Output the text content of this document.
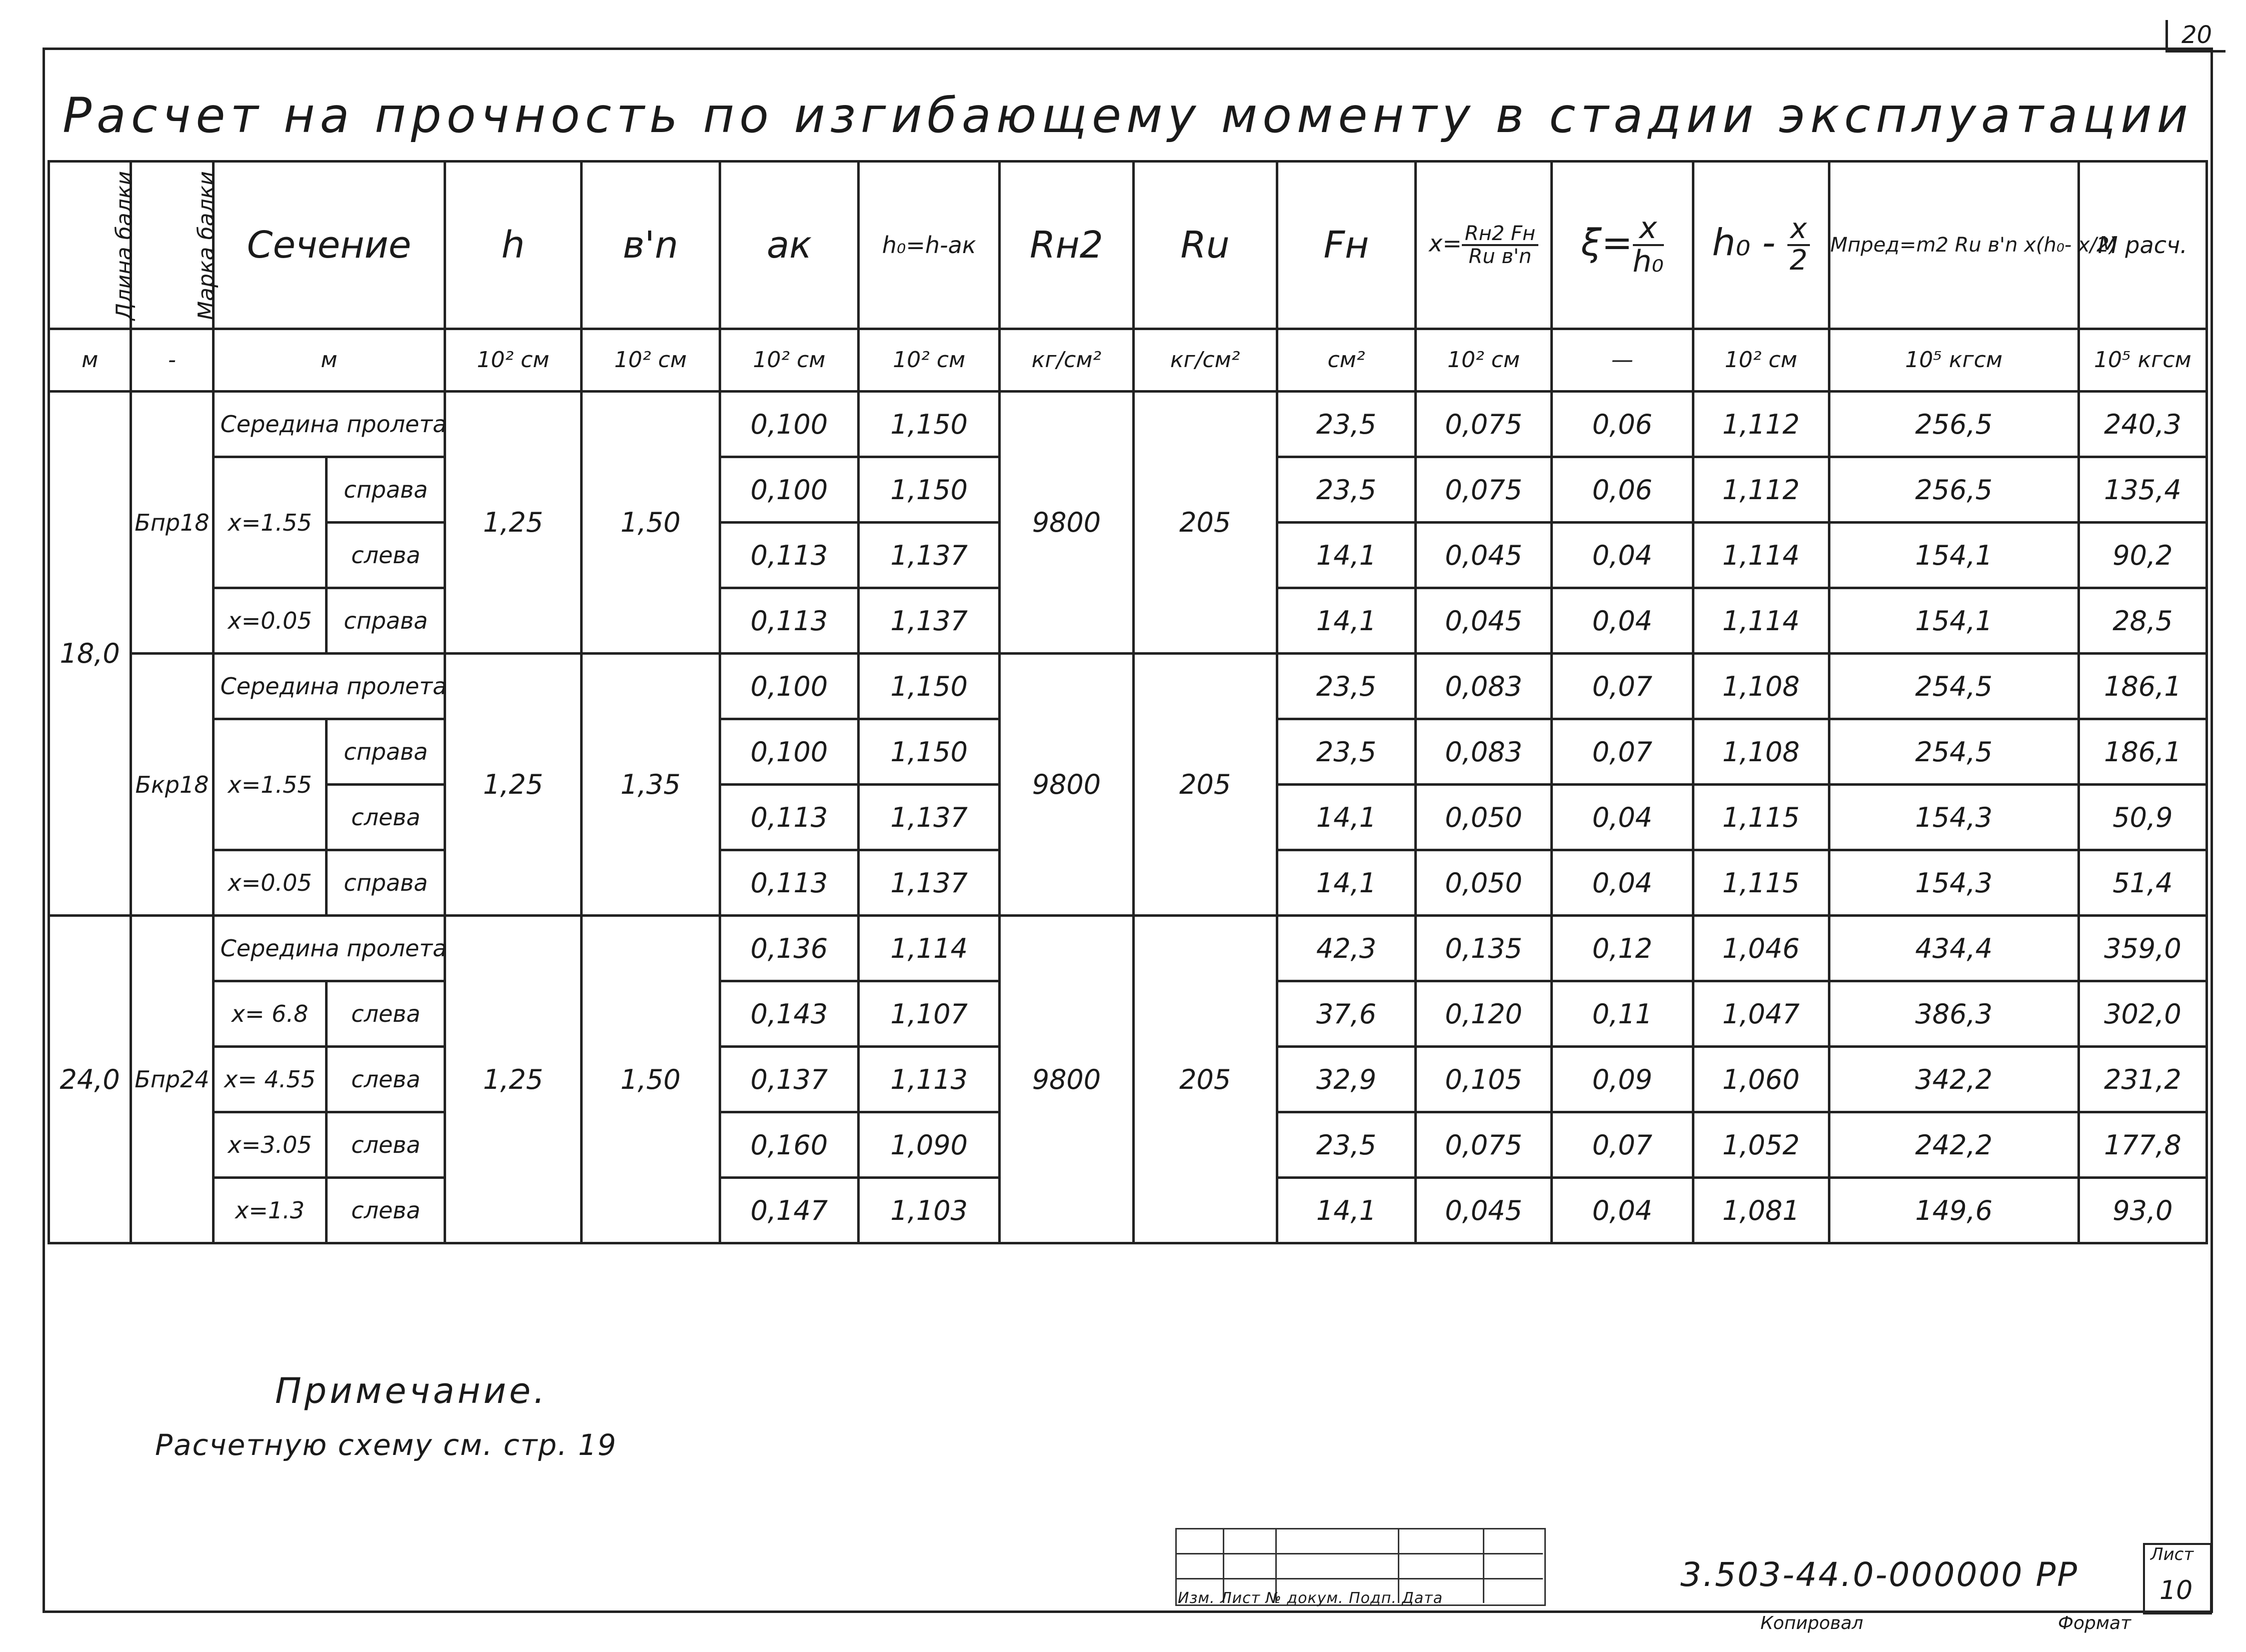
20
Расчет на прочность по изгибающему моменту в стадии эксплуатации
Длина балки	Марка балки	Сечение		h	в'n	aк	h₀=h-aк	Rн2	Ru	Fн	$x= \frac{Rн2 Fн}{\text{Ru в'n}}$	$\xi= \frac{x}{\text{h₀}}$	$h_0 - \frac{x}{2}$	Mпред=m2 Ru в'n x(h₀- x/2)	M расч.
м	-	м		10² см	10² см	10² см	10² см	кг/см²	кг/см²	см²	10² см	—	10² см	10⁵ кгсм	10⁵ кгсм
18,0	Бпр18	Середина пролета		1,25	1,50	0,100	1,150	9800	205	23,5	0,075	0,06	1,112	256,5	240,3
		x=1.55	справа			0,100	1,150			23,5	0,075	0,06	1,112	256,5	135,4
			слева			0,113	1,137			14,1	0,045	0,04	1,114	154,1	90,2
		x=0.05	справа			0,113	1,137			14,1	0,045	0,04	1,114	154,1	28,5
	Бкр18	Середина пролета		1,25	1,35	0,100	1,150	9800	205	23,5	0,083	0,07	1,108	254,5	186,1
		x=1.55	справа			0,100	1,150			23,5	0,083	0,07	1,108	254,5	186,1
			слева			0,113	1,137			14,1	0,050	0,04	1,115	154,3	50,9
		x=0.05	справа			0,113	1,137			14,1	0,050	0,04	1,115	154,3	51,4
24,0	Бпр24	Середина пролета		1,25	1,50	0,136	1,114	9800	205	42,3	0,135	0,12	1,046	434,4	359,0
		x= 6.8	слева			0,143	1,107			37,6	0,120	0,11	1,047	386,3	302,0
		x= 4.55	слева			0,137	1,113			32,9	0,105	0,09	1,060	342,2	231,2
		x=3.05	слева			0,160	1,090			23,5	0,075	0,07	1,052	242,2	177,8
		x=1.3	слева			0,147	1,103			14,1	0,045	0,04	1,081	149,6	93,0
Примечание.
Расчетную схему см. стр. 19
Изм. Лист № докум. Подп. Дата
3.503-44.0-000000 РР
Лист
10
Копировал	Формат
